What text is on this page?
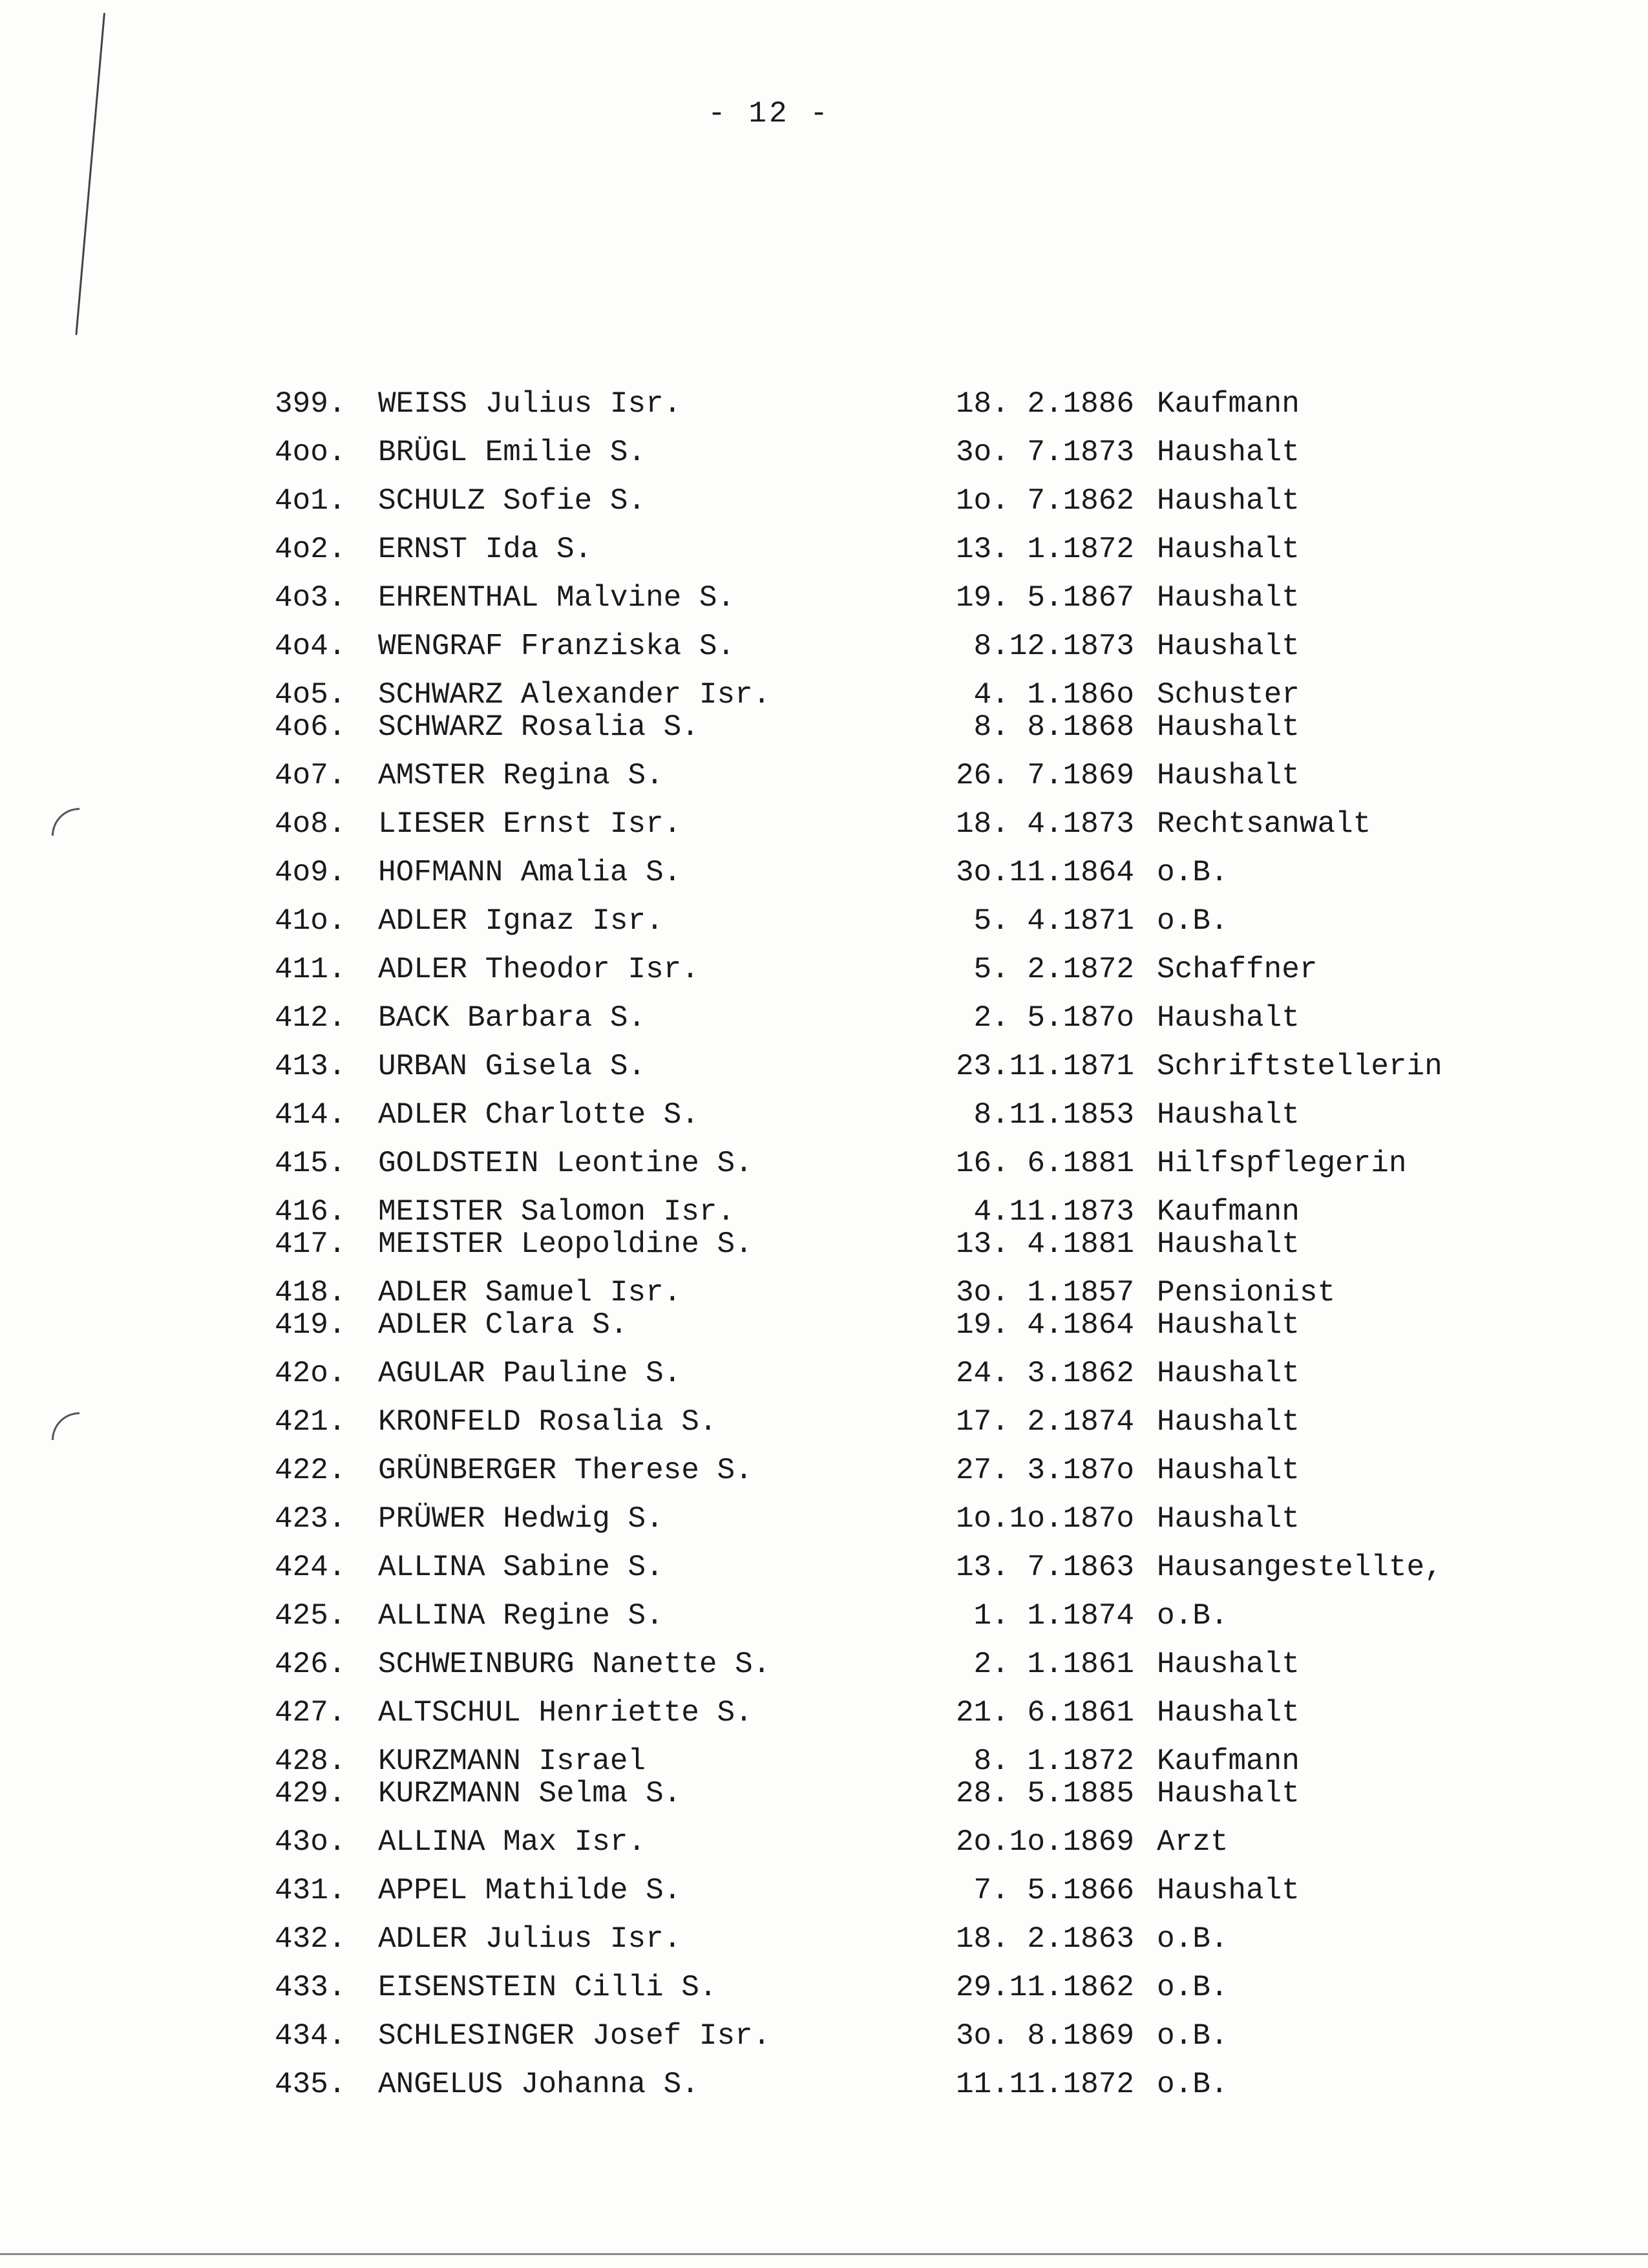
- 12 -
399. WEISS Julius Isr.	18. 2.1886 Kaufmann
4oo. BRÜGL Emilie S.	3o. 7.1873 Haushalt
4o1. SCHULZ Sofie S.	1o. 7.1862 Haushalt
4o2. ERNST Ida S.	13. 1.1872 Haushalt
4o3. EHRENTHAL Malvine S.	19. 5.1867 Haushalt
4o4. WENGRAF Franziska S.	8.12.1873 Haushalt
4o5. SCHWARZ Alexander Isr.	4. 1.186o Schuster
4o6. SCHWARZ Rosalia S.	8. 8.1868 Haushalt
4o7. AMSTER Regina S.	26. 7.1869 Haushalt
4o8. LIESER Ernst Isr.	18. 4.1873 Rechtsanwalt
4o9. HOFMANN Amalia S.	3o.11.1864 o.B.
41o. ADLER Ignaz Isr.	5. 4.1871 o.B.
411. ADLER Theodor Isr.	5. 2.1872 Schaffner
412. BACK Barbara S.	2. 5.187o Haushalt
413. URBAN Gisela S.	23.11.1871 Schriftstellerin
414. ADLER Charlotte S.	8.11.1853 Haushalt
415. GOLDSTEIN Leontine S.	16. 6.1881 Hilfspflegerin
416. MEISTER Salomon Isr.	4.11.1873 Kaufmann
417. MEISTER Leopoldine S.	13. 4.1881 Haushalt
418. ADLER Samuel Isr.	3o. 1.1857 Pensionist
419. ADLER Clara S.	19. 4.1864 Haushalt
42o. AGULAR Pauline S.	24. 3.1862 Haushalt
421. KRONFELD Rosalia S.	17. 2.1874 Haushalt
422. GRÜNBERGER Therese S.	27. 3.187o Haushalt
423. PRÜWER Hedwig S.	1o.1o.187o Haushalt
424. ALLINA Sabine S.	13. 7.1863 Hausangestellte,
425. ALLINA Regine S.	1. 1.1874 o.B.
426. SCHWEINBURG Nanette S.	2. 1.1861 Haushalt
427. ALTSCHUL Henriette S.	21. 6.1861 Haushalt
428. KURZMANN Israel	8. 1.1872 Kaufmann
429. KURZMANN Selma S.	28. 5.1885 Haushalt
43o. ALLINA Max Isr.	2o.1o.1869 Arzt
431. APPEL Mathilde S.	7. 5.1866 Haushalt
432. ADLER Julius Isr.	18. 2.1863 o.B.
433. EISENSTEIN Cilli S.	29.11.1862 o.B.
434. SCHLESINGER Josef Isr.	3o. 8.1869 o.B.
435. ANGELUS Johanna S.	11.11.1872 o.B.
